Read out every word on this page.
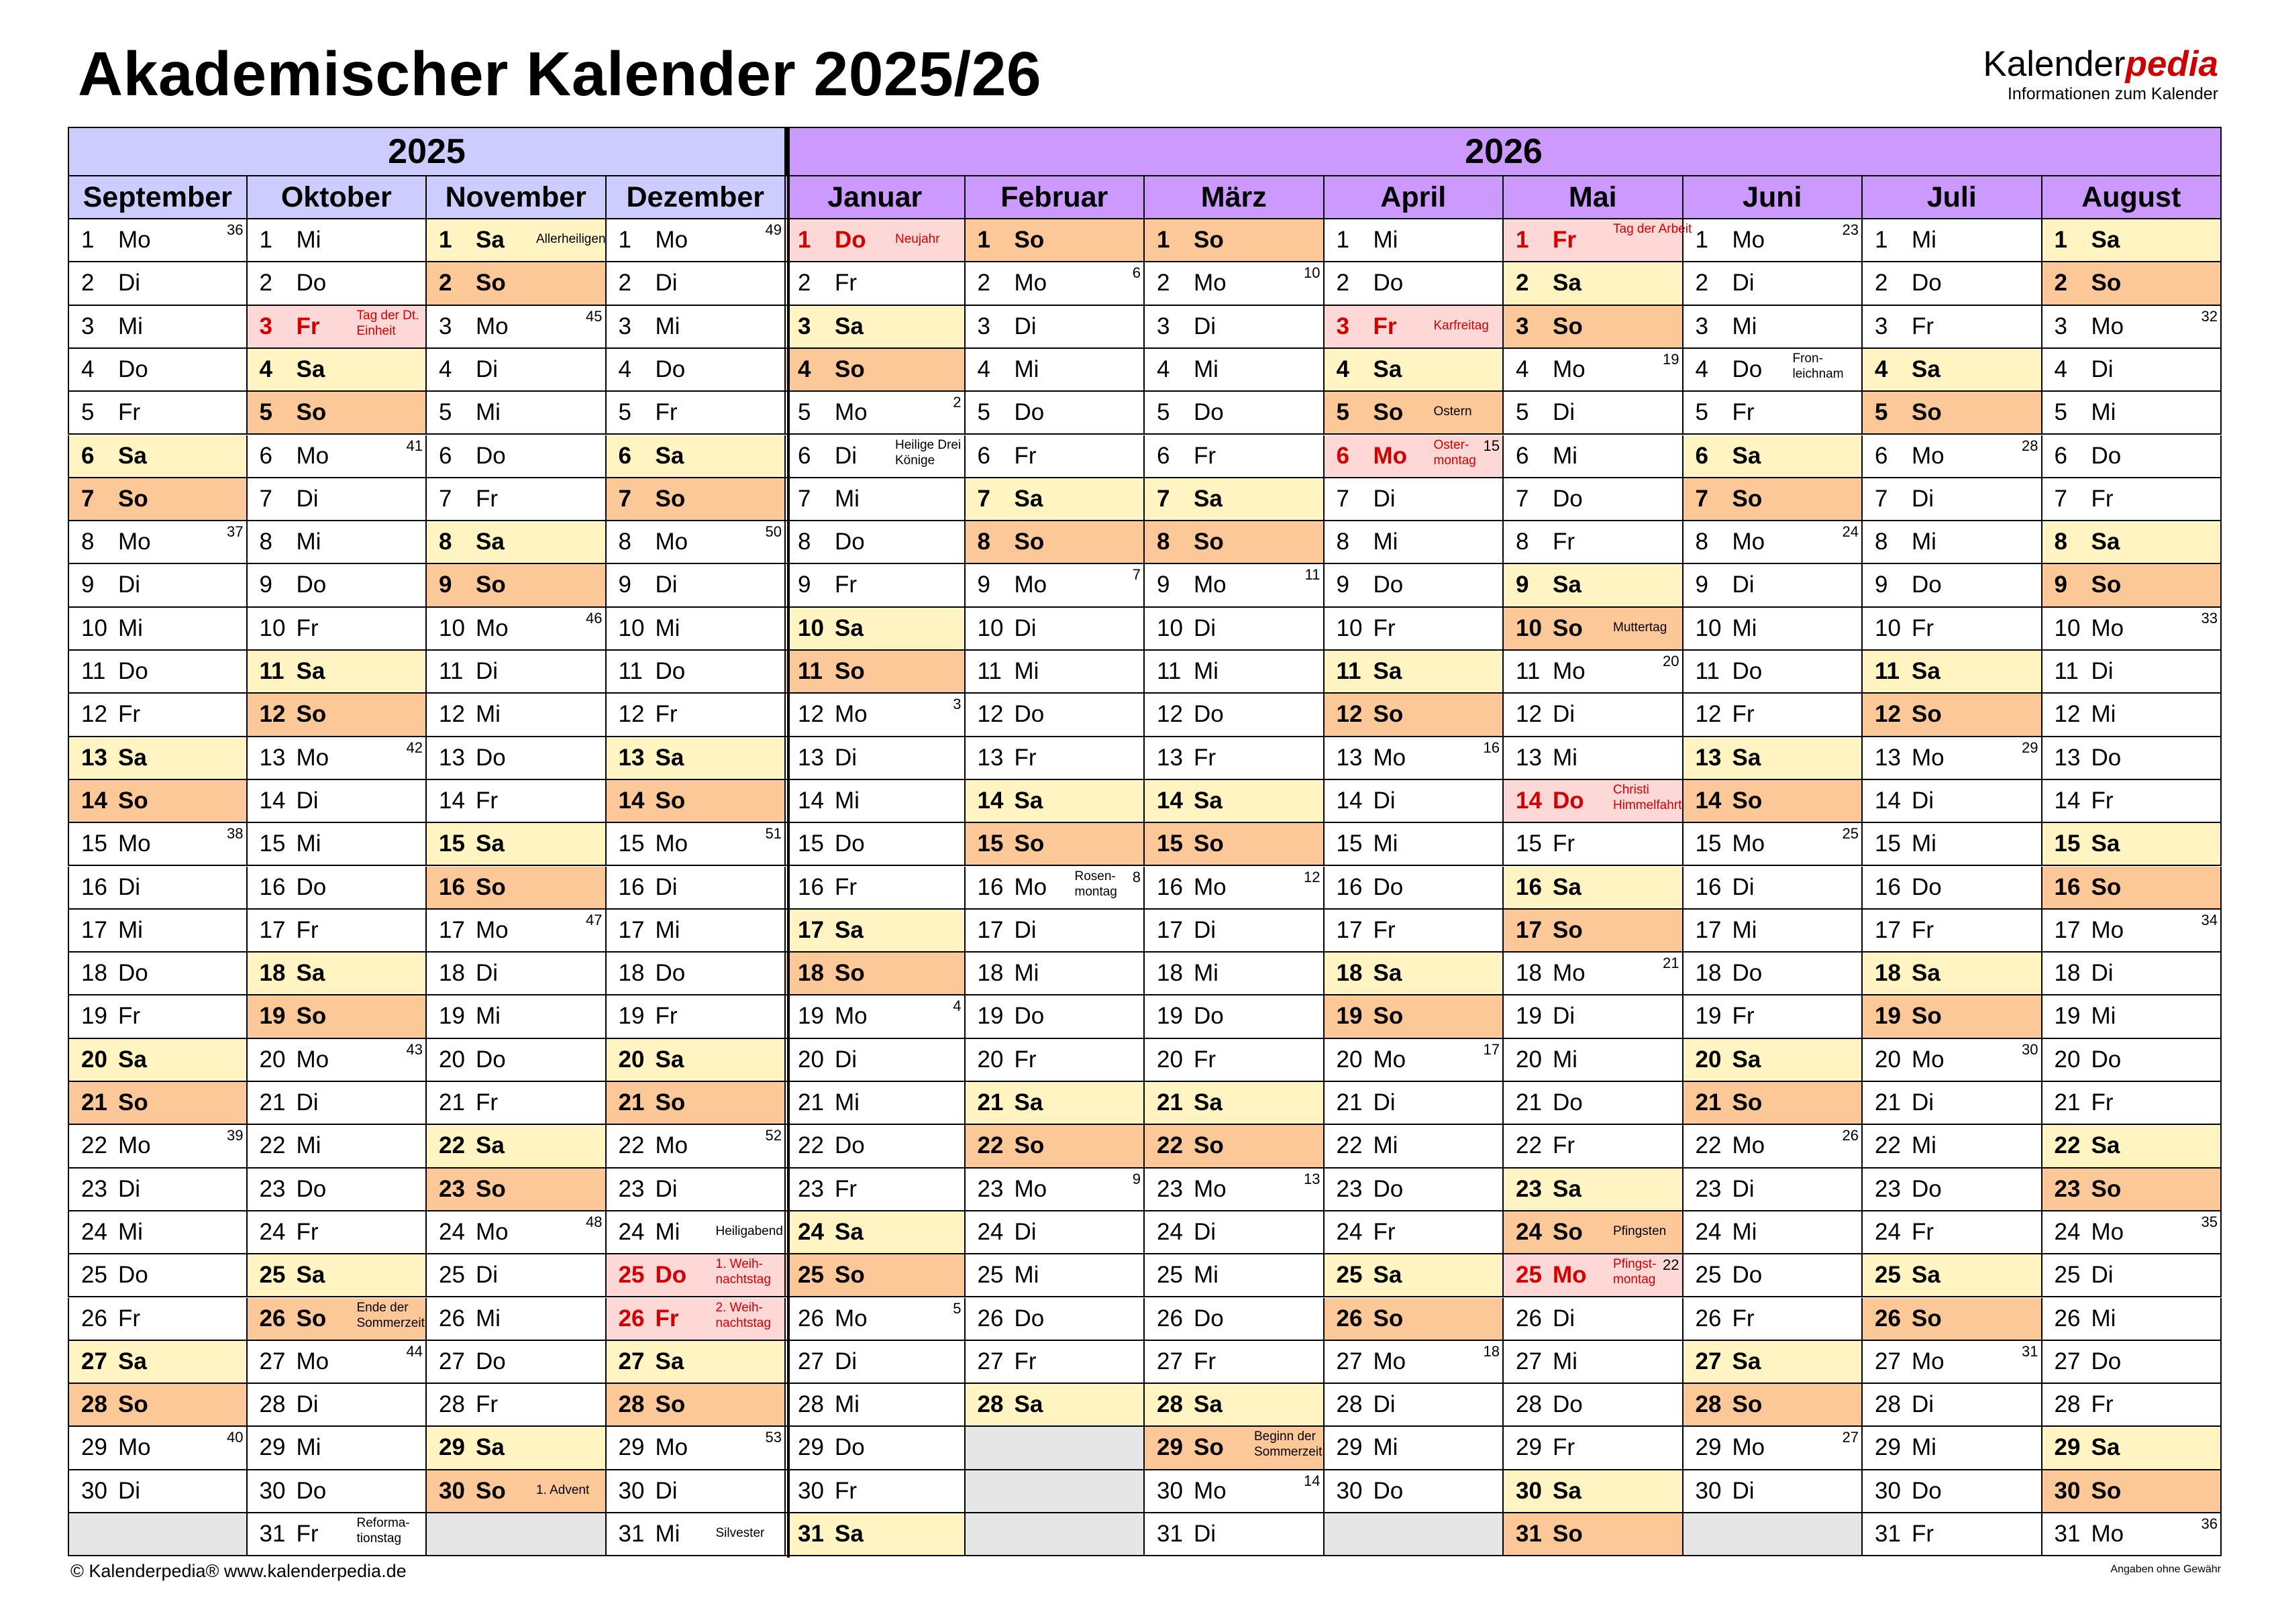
Akademischer Kalender 2025/26	Kalenderpedia
Informationen zum Kalender
2025	2026
September
1 Mo	36
2 Di
3 Mi
4 Do
5 Fr
6 Sa
7 So
8 Mo	37
9 Di
10 Mi
11 Do
12 Fr
13 Sa
14 So
15 Mo	38
16 Di
17 Mi
18 Do
19 Fr
20 Sa
21 So
22 Mo	39
23 Di
24 Mi
25 Do
26 Fr
27 Sa
28 So
29 Mo	40
30 Di
Oktober
1 Mi
2 Do
3 Fr	Tag der Dt.
Einheit
4 Sa
5 So
6 Mo	41
7 Di
8 Mi
9 Do
10 Fr
11 Sa
12 So
13 Mo	42
14 Di
15 Mi
16 Do
17 Fr
18 Sa
19 So
20 Mo	43
21 Di
22 Mi
23 Do
24 Fr
25 Sa
26 So Ende der
Sommerzeit
27 Mo	44
28 Di
29 Mi
30 Do
31 Fr	Reforma-
tionstag
November
1 Sa Allerheiligen
2 So
3 Mo	45
4 Di
5 Mi
6 Do
7 Fr
8 Sa
9 So
10 Mo	46
11 Di
12 Mi
13 Do
14 Fr
15 Sa
16 So
17 Mo	47
18 Di
19 Mi
20 Do
21 Fr
22 Sa
23 So
24 Mo	48
25 Di
26 Mi
27 Do
28 Fr
29 Sa
30 So 1. Advent
Dezember
1 Mo	49
2 Di
3 Mi
4 Do
5 Fr
6 Sa
7 So
8 Mo	50
9 Di
10 Mi
11 Do
12 Fr
13 Sa
14 So
15 Mo	51
16 Di
17 Mi
18 Do
19 Fr
20 Sa
21 So
22 Mo	52
23 Di
24 Mi	Heiligabend
25 Do 1. Weih-
nachtstag
26 Fr	2. Weih-
nachtstag
27 Sa
28 So
29 Mo	53
30 Di
31 Mi	Silvester
Januar
1 Do Neujahr
2 Fr
3 Sa
4 So
5 Mo	2
6 Di	Heilige Drei
Könige
7 Mi
8 Do
9 Fr
10 Sa
11 So
12 Mo	3
13 Di
14 Mi
15 Do
16 Fr
17 Sa
18 So
19 Mo	4
20 Di
21 Mi
22 Do
23 Fr
24 Sa
25 So
26 Mo	5
27 Di
28 Mi
29 Do
30 Fr
31 Sa
Februar
1 So
2 Mo	6
3 Di
4 Mi
5 Do
6 Fr
7 Sa
8 So
9 Mo	7
10 Di
11 Mi
12 Do
13 Fr
14 Sa
15 So
16 Mo	8
Rosen-
montag
17 Di
18 Mi
19 Do
20 Fr
21 Sa
22 So
23 Mo	9
24 Di
25 Mi
26 Do
27 Fr
28 Sa
März
1 So
2 Mo	10
3 Di
4 Mi
5 Do
6 Fr
7 Sa
8 So
9 Mo	11
10 Di
11 Mi
12 Do
13 Fr
14 Sa
15 So
16 Mo	12
17 Di
18 Mi
19 Do
20 Fr
21 Sa
22 So
23 Mo	13
24 Di
25 Mi
26 Do
27 Fr
28 Sa
29 So Beginn der
Sommerzeit
30 Mo	14
31 Di
April
1 Mi
2 Do
3 Fr	Karfreitag
4 Sa
5 So Ostern
6 Mo	15
Oster-
montag
7 Di
8 Mi
9 Do
10 Fr
11 Sa
12 So
13 Mo	16
14 Di
15 Mi
16 Do
17 Fr
18 Sa
19 So
20 Mo	17
21 Di
22 Mi
23 Do
24 Fr
25 Sa
26 So
27 Mo	18
28 Di
29 Mi
30 Do
Mai
1 Fr	Tag der Arbeit
2 Sa
3 So
4 Mo	19
5 Di
6 Mi
7 Do
8 Fr
9 Sa
10 So Muttertag
11 Mo	20
12 Di
13 Mi
14 Do Christi
Himmelfahrt
15 Fr
16 Sa
17 So
18 Mo	21
19 Di
20 Mi
21 Do
22 Fr
23 Sa
24 So Pfingsten
25 Mo	22
Pfingst-
montag
26 Di
27 Mi
28 Do
29 Fr
30 Sa
31 So
Juni
1 Mo	23
2 Di
3 Mi
4 Do Fron-
leichnam
5 Fr
6 Sa
7 So
8 Mo	24
9 Di
10 Mi
11 Do
12 Fr
13 Sa
14 So
15 Mo	25
16 Di
17 Mi
18 Do
19 Fr
20 Sa
21 So
22 Mo	26
23 Di
24 Mi
25 Do
26 Fr
27 Sa
28 So
29 Mo	27
30 Di
Juli
1 Mi
2 Do
3 Fr
4 Sa
5 So
6 Mo	28
7 Di
8 Mi
9 Do
10 Fr
11 Sa
12 So
13 Mo	29
14 Di
15 Mi
16 Do
17 Fr
18 Sa
19 So
20 Mo	30
21 Di
22 Mi
23 Do
24 Fr
25 Sa
26 So
27 Mo	31
28 Di
29 Mi
30 Do
31 Fr
August
1 Sa
2 So
3 Mo	32
4 Di
5 Mi
6 Do
7 Fr
8 Sa
9 So
10 Mo	33
11 Di
12 Mi
13 Do
14 Fr
15 Sa
16 So
17 Mo	34
18 Di
19 Mi
20 Do
21 Fr
22 Sa
23 So
24 Mo	35
25 Di
26 Mi
27 Do
28 Fr
29 Sa
30 So
31 Mo	36
© Kalenderpedia® www.kalenderpedia.de	Angaben ohne Gewähr
